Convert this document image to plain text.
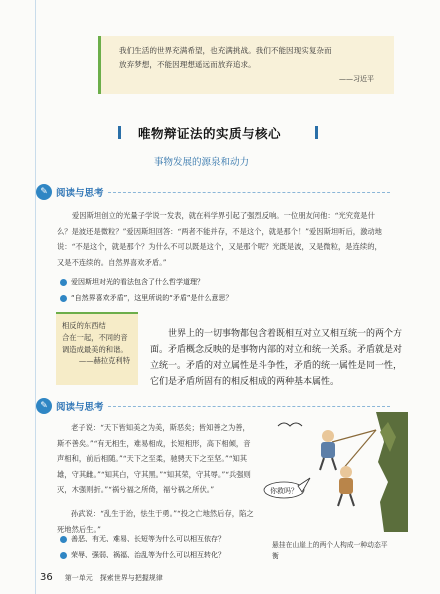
我们生活的世界充满希望，也充满挑战。我们不能因现实复杂而

放弃梦想，不能因理想遥远而放弃追求。

——习近平
唯物辩证法的实质与核心
事物发展的源泉和动力
✎ 阅读与思考

爱因斯坦创立的光量子学说一发表，就在科学界引起了强烈反响。一位朋友问他：“光究竟是什么？是波还是微粒？”爱因斯坦回答：“两者不能并存，不是这个，就是那个！”爱因斯坦听后，激动地说：“不是这个，就是那个？为什么不可以既是这个，又是那个呢？光既是波，又是微粒，是连续的，又是不连续的。自然界喜欢矛盾。”

爱因斯坦对光的看法包含了什么哲学道理？
“自然界喜欢矛盾”，这里所说的“矛盾”是什么意思？

相反的东西结

合在一起，不同的音

调造成最美的和谐。

——赫拉克利特

世界上的一切事物都包含着既相互对立又相互统一的两个方面。矛盾概念反映的是事物内部的对立和统一关系。矛盾就是对立统一。矛盾的对立属性是斗争性，矛盾的统一属性是同一性，它们是矛盾所固有的相反相成的两种基本属性。

✎ 阅读与思考

老子说：“天下皆知美之为美，斯恶矣；皆知善之为善，斯不善矣。”“有无相生，难易相成，长短相形，高下相倾，音声相和，前后相随。”“天下之至柔，驰骋天下之至坚。”“知其雄，守其雌。”“知其白，守其黑。”“知其荣，守其辱。”“兵强则灭，木强则折。”“祸兮福之所倚，福兮祸之所伏。”

孙武说：“乱生于治，怯生于勇。”“投之亡地然后存，陷之死地然后生。”

你救吗？

悬挂在山崖上的两个人构成一种动态平衡

善恶、有无、难易、长短等为什么可以相互依存？
荣辱、强弱、祸福、治乱等为什么可以相互转化？
36 第一单元　探索世界与把握规律
